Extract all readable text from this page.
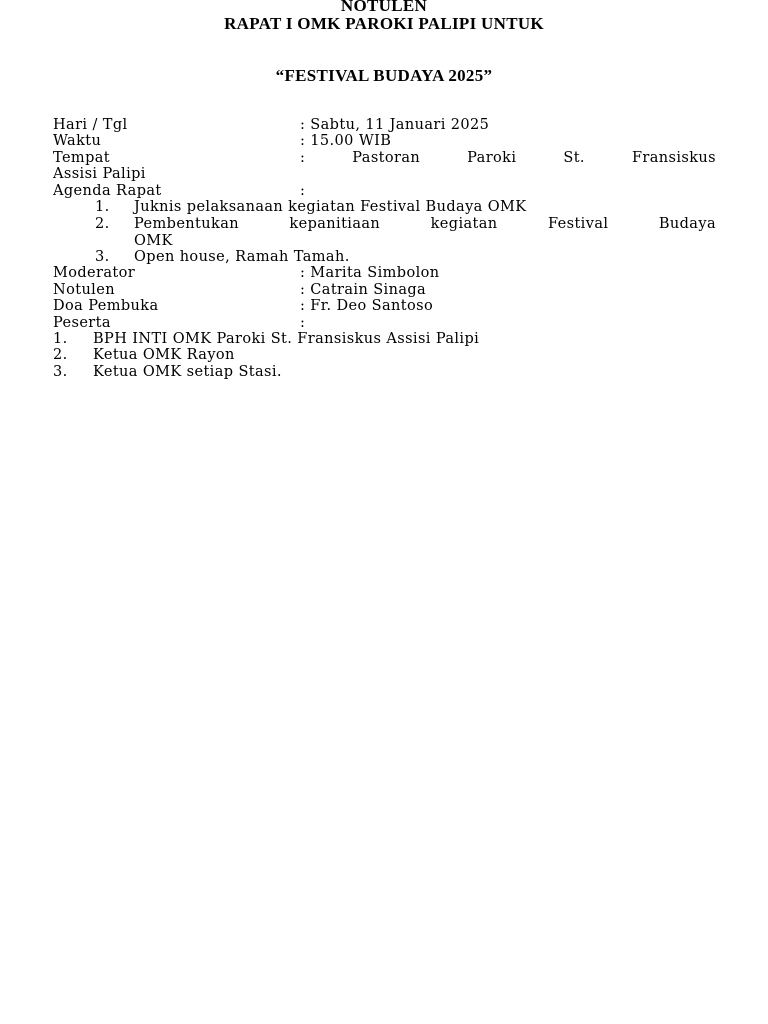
NOTULEN
RAPAT I OMK PAROKI PALIPI UNTUK
“FESTIVAL BUDAYA 2025”
Hari / Tgl	: Sabtu, 11 Januari 2025
Waktu	: 15.00 WIB
Tempat	:	Pastoran	Paroki	St.	Fransiskus
Assisi Palipi
Agenda Rapat	:
1. Juknis pelaksanaan kegiatan Festival Budaya OMK
2. Pembentukan	kepanitiaan	kegiatan	Festival	Budaya
OMK
3. Open house, Ramah Tamah.
Moderator	: Marita Simbolon
Notulen	: Catrain Sinaga
Doa Pembuka	: Fr. Deo Santoso
Peserta	:
1. BPH INTI OMK Paroki St. Fransiskus Assisi Palipi
2. Ketua OMK Rayon
3. Ketua OMK setiap Stasi.
